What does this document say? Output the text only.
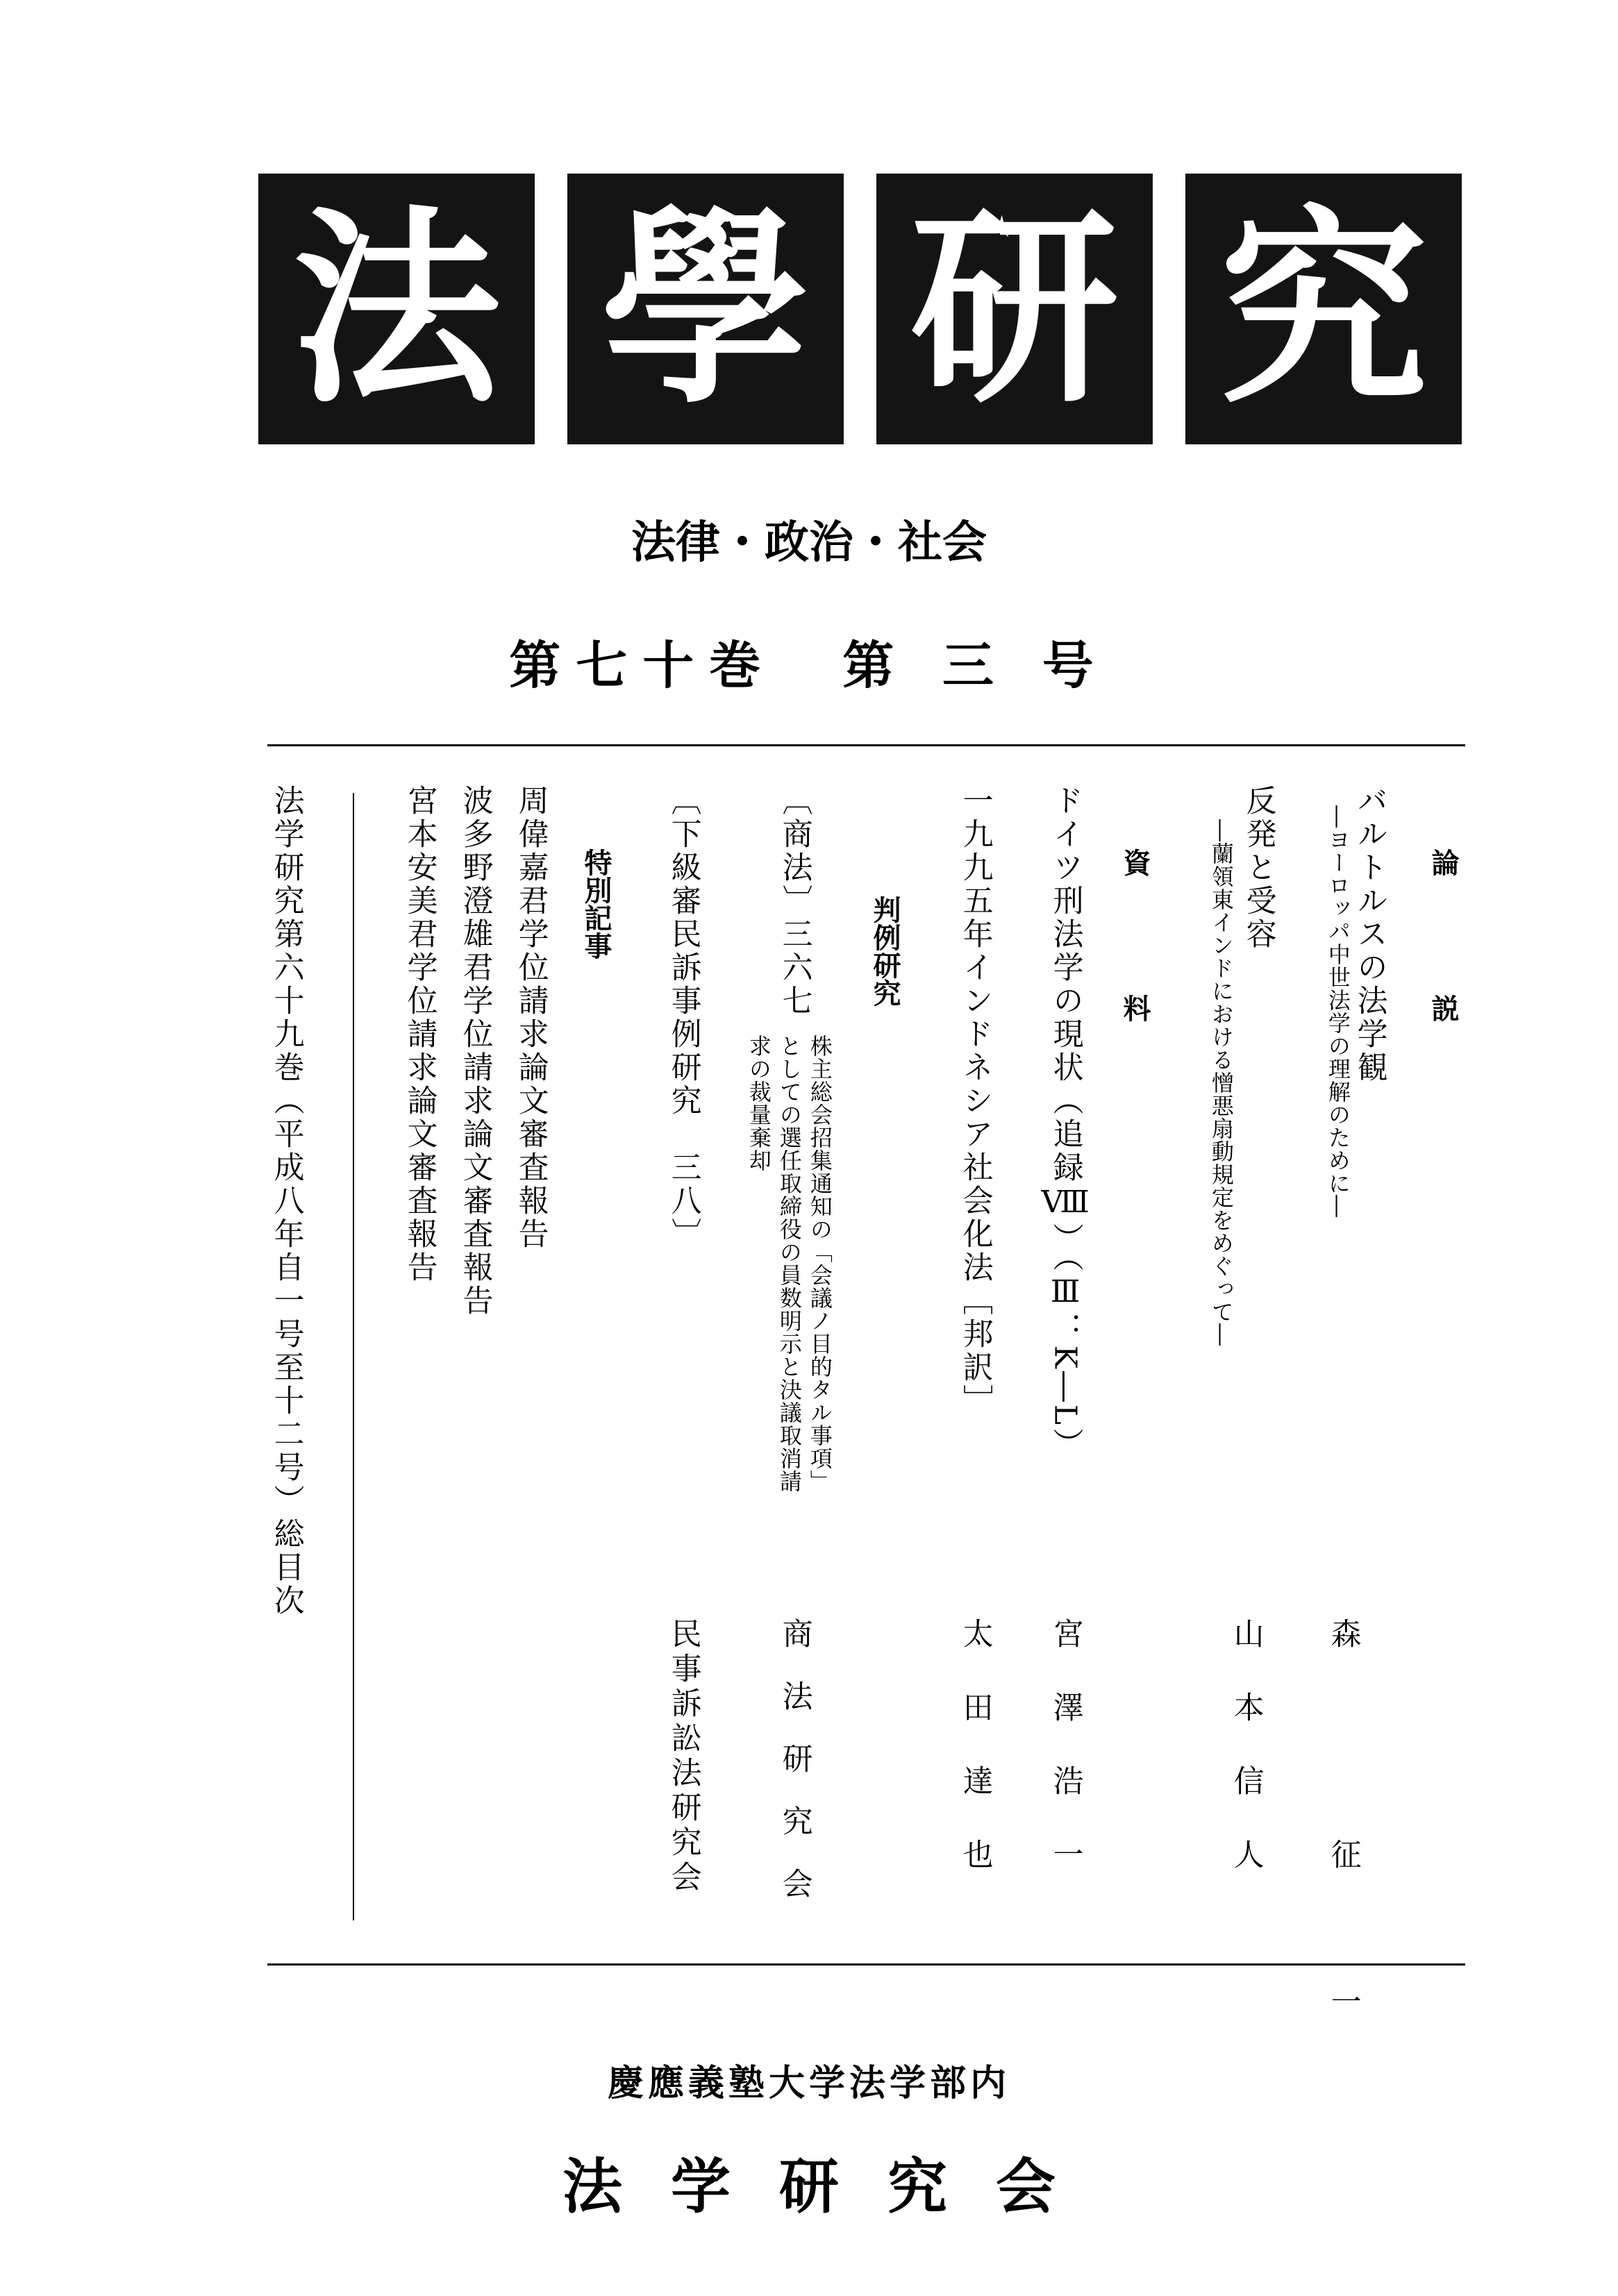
法 學 研 究
法律・政治・社会
第七十巻　第 三 号
論　　説
バルトルスの法学観
―ヨーロッパ中世法学の理解のために―
森　　征　一
反発と受容
―蘭領東インドにおける憎悪扇動規定をめぐって―
山本信人
資　　料
ドイツ刑法学の現状（追録Ⅷ）（Ⅲ：K―L）
宮澤浩一
一九九五年インドネシア社会化法［邦訳］
太田達也
判例研究
〔商法〕三六七
株主総会招集通知の「会議ノ目的タル事項」
としての選任取締役の員数明示と決議取消請
求の裁量棄却
商法研究会
〔下級審民訴事例研究　三八〕
民事訴訟法研究会
特別記事
周偉嘉君学位請求論文審査報告
波多野澄雄君学位請求論文審査報告
宮本安美君学位請求論文審査報告
法学研究第六十九巻（平成八年自一号至十二号）総目次
慶應義塾大学法学部内
法学研究会
